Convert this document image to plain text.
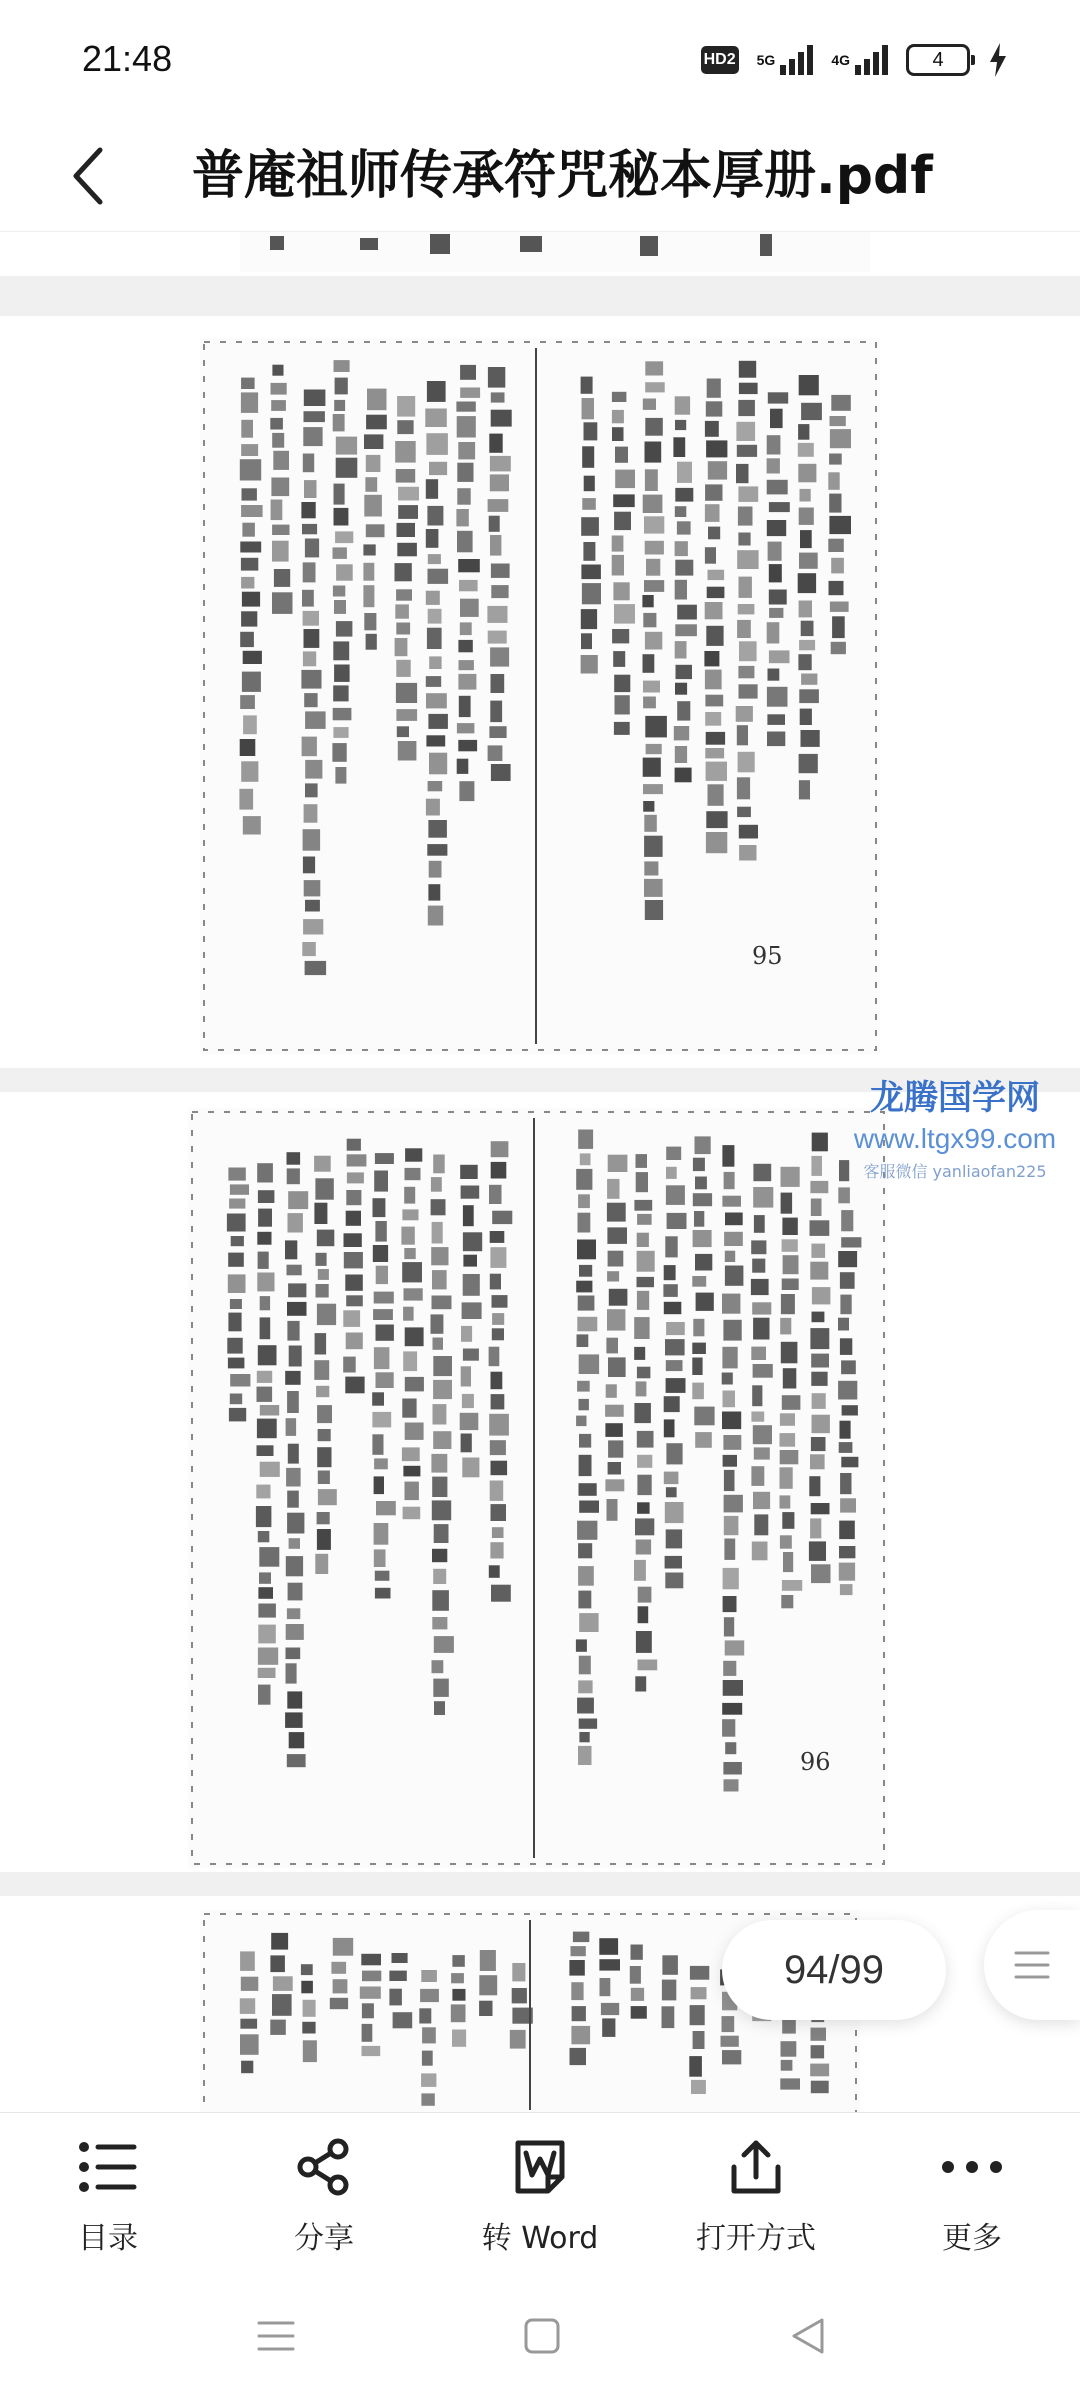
21:48	HD2 5G	4G	4
普庵祖师传承符咒秘本厚册.pdf
95
96
龙腾国学网
www.ltgx99.com
客服微信 yanliaofan225
94/99
目录	分享	转 Word	打开方式	更多
